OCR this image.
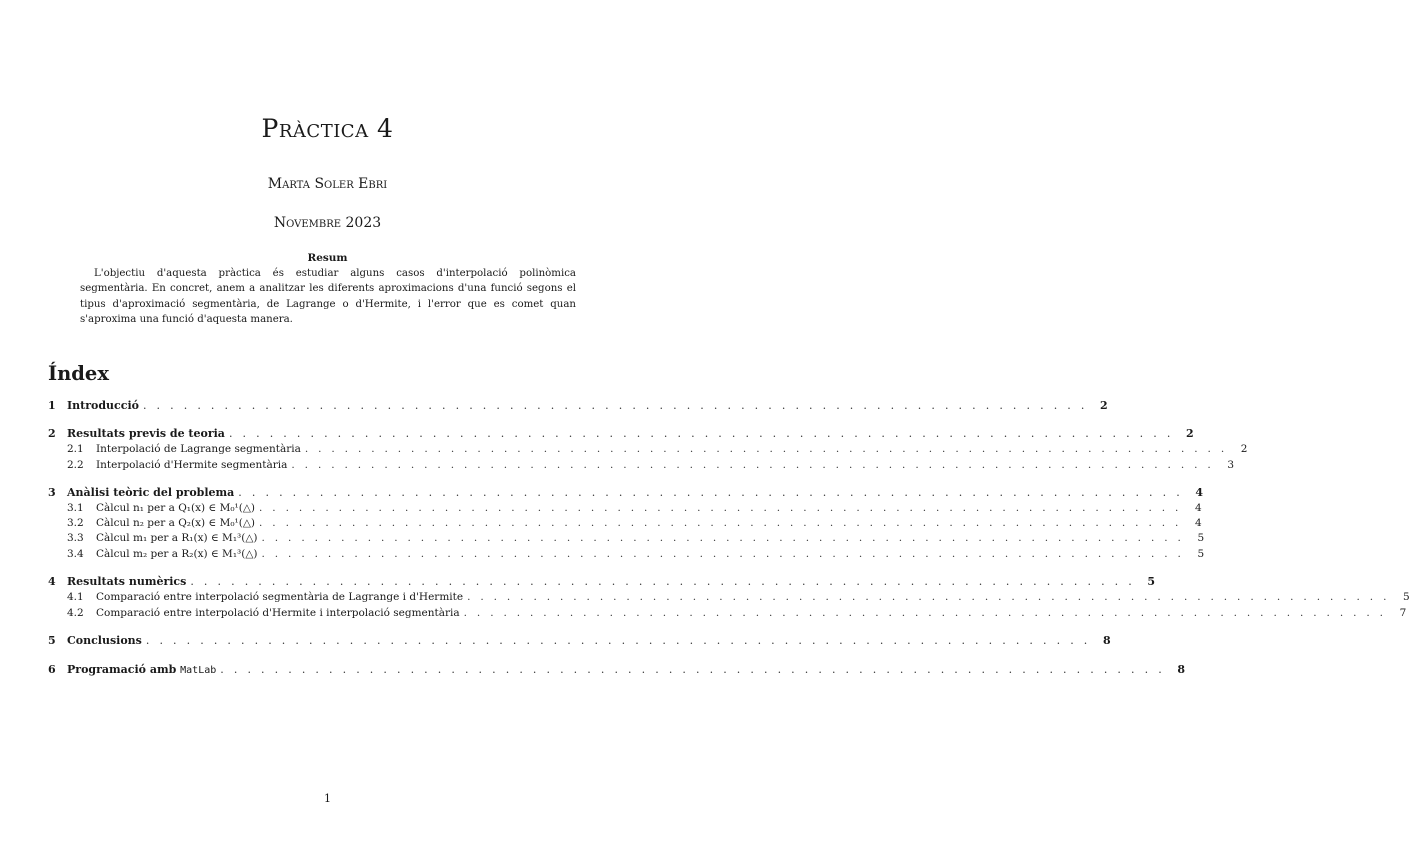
Pràctica 4
Marta Soler Ebri
Novembre 2023
Resum
L'objectiu d'aquesta pràctica és estudiar alguns casos d'interpolació polinòmica segmentària. En concret, anem a analitzar les diferents aproximacions d'una funció segons el tipus d'aproximació segmentària, de Lagrange o d'Hermite, i l'error que es comet quan s'aproxima una funció d'aquesta manera.
Índex
1	Introducció . . . . . . . . . . . . . . . . . . . . . . . . . . . . . . . . . . . . . . . . . . . . . . . . . . . . . . . . . . . . . . . . . . . . . .	2
2	Resultats previs de teoria . . . . . . . . . . . . . . . . . . . . . . . . . . . . . . . . . . . . . . . . . . . . . . . . . . . . . . . . . . . . . . . . . . . . . .	2
2.1	Interpolació de Lagrange segmentària . . . . . . . . . . . . . . . . . . . . . . . . . . . . . . . . . . . . . . . . . . . . . . . . . . . . . . . . . . . . . . . . . . . . . .	2
2.2	Interpolació d'Hermite segmentària . . . . . . . . . . . . . . . . . . . . . . . . . . . . . . . . . . . . . . . . . . . . . . . . . . . . . . . . . . . . . . . . . . . . . .	3
3	Anàlisi teòric del problema . . . . . . . . . . . . . . . . . . . . . . . . . . . . . . . . . . . . . . . . . . . . . . . . . . . . . . . . . . . . . . . . . . . . . .	4
3.1	Càlcul n₁ per a Q₁(x) ∈ M₀¹(△) . . . . . . . . . . . . . . . . . . . . . . . . . . . . . . . . . . . . . . . . . . . . . . . . . . . . . . . . . . . . . . . . . . . . . .	4
3.2	Càlcul n₂ per a Q₂(x) ∈ M₀¹(△) . . . . . . . . . . . . . . . . . . . . . . . . . . . . . . . . . . . . . . . . . . . . . . . . . . . . . . . . . . . . . . . . . . . . . .	4
3.3	Càlcul m₁ per a R₁(x) ∈ M₁³(△) . . . . . . . . . . . . . . . . . . . . . . . . . . . . . . . . . . . . . . . . . . . . . . . . . . . . . . . . . . . . . . . . . . . . . .	5
3.4	Càlcul m₂ per a R₂(x) ∈ M₁³(△) . . . . . . . . . . . . . . . . . . . . . . . . . . . . . . . . . . . . . . . . . . . . . . . . . . . . . . . . . . . . . . . . . . . . . .	5
4	Resultats numèrics . . . . . . . . . . . . . . . . . . . . . . . . . . . . . . . . . . . . . . . . . . . . . . . . . . . . . . . . . . . . . . . . . . . . . .	5
4.1	Comparació entre interpolació segmentària de Lagrange i d'Hermite . . . . . . . . . . . . . . . . . . . . . . . . . . . . . . . . . . . . . . . . . . . . . . . . . . . . . . . . . . . . . . . . . . . . . .	5
4.2	Comparació entre interpolació d'Hermite i interpolació segmentària . . . . . . . . . . . . . . . . . . . . . . . . . . . . . . . . . . . . . . . . . . . . . . . . . . . . . . . . . . . . . . . . . . . . . .	7
5	Conclusions . . . . . . . . . . . . . . . . . . . . . . . . . . . . . . . . . . . . . . . . . . . . . . . . . . . . . . . . . . . . . . . . . . . . . .	8
6	Programació amb MatLab . . . . . . . . . . . . . . . . . . . . . . . . . . . . . . . . . . . . . . . . . . . . . . . . . . . . . . . . . . . . . . . . . . . . . .	8
1
